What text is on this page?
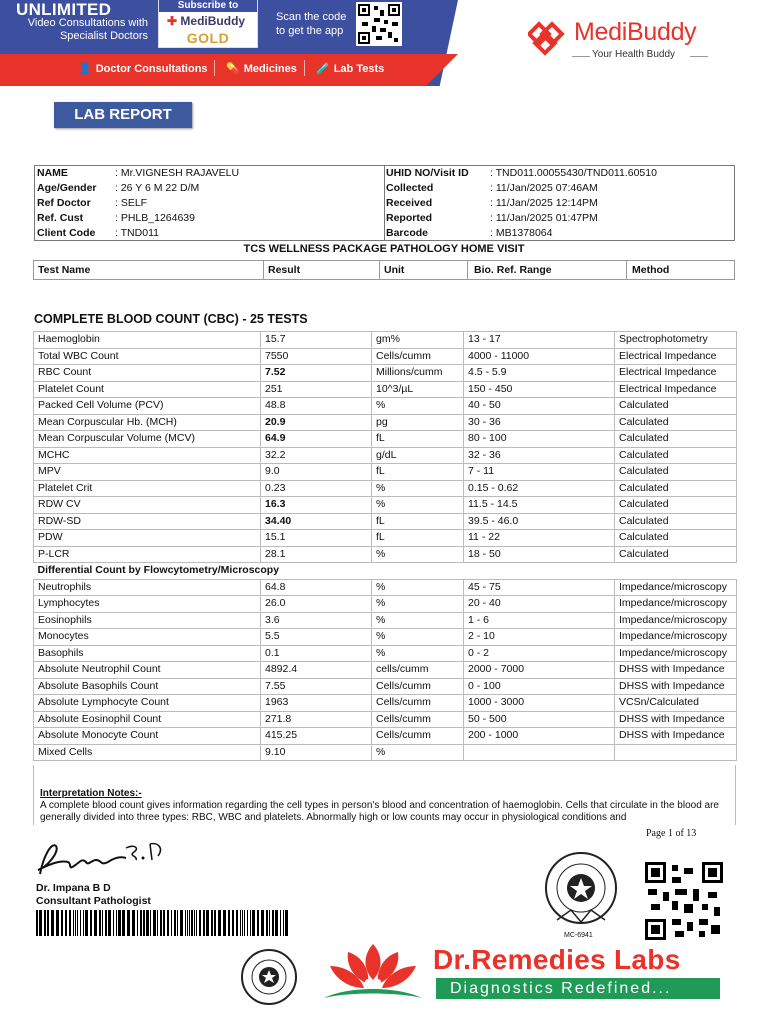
UNLIMITED
Video Consultations with
Specialist Doctors
Subscribe to
✚ MediBuddy
GOLD
Scan the code
to get the app
👤 Doctor Consultations 💊 Medicines 🧪 Lab Tests
MediBuddy
Your Health Buddy
LAB REPORT
NAME	: Mr.VIGNESH RAJAVELU
Age/Gender : 26 Y 6 M 22 D/M
Ref Doctor : SELF
Ref. Cust	: PHLB_1264639
Client Code : TND011
UHID NO/Visit ID : TND011.00055430/TND011.60510
Collected	: 11/Jan/2025 07:46AM
Received	: 11/Jan/2025 12:14PM
Reported	: 11/Jan/2025 01:47PM
Barcode	: MB1378064
TCS WELLNESS PACKAGE PATHOLOGY HOME VISIT
Test Name	Result	Unit	Bio. Ref. Range	Method
COMPLETE BLOOD COUNT (CBC) - 25 TESTS
Haemoglobin	15.7	gm%	13 - 17	Spectrophotometry
Total WBC Count	7550	Cells/cumm	4000 - 11000	Electrical Impedance
RBC Count	7.52	Millions/cumm	4.5 - 5.9	Electrical Impedance
Platelet Count	251	10^3/µL	150 - 450	Electrical Impedance
Packed Cell Volume (PCV)	48.8	%	40 - 50	Calculated
Mean Corpuscular Hb. (MCH)	20.9	pg	30 - 36	Calculated
Mean Corpuscular Volume (MCV)	64.9	fL	80 - 100	Calculated
MCHC	32.2	g/dL	32 - 36	Calculated
MPV	9.0	fL	7 - 11	Calculated
Platelet Crit	0.23	%	0.15 - 0.62	Calculated
RDW CV	16.3	%	11.5 - 14.5	Calculated
RDW-SD	34.40	fL	39.5 - 46.0	Calculated
PDW	15.1	fL	11 - 22	Calculated
P-LCR	28.1	%	18 - 50	Calculated
Differential Count by Flowcytometry/Microscopy				
Neutrophils	64.8	%	45 - 75	Impedance/microscopy
Lymphocytes	26.0	%	20 - 40	Impedance/microscopy
Eosinophils	3.6	%	1 - 6	Impedance/microscopy
Monocytes	5.5	%	2 - 10	Impedance/microscopy
Basophils	0.1	%	0 - 2	Impedance/microscopy
Absolute Neutrophil Count	4892.4	cells/cumm	2000 - 7000	DHSS with Impedance
Absolute Basophils Count	7.55	Cells/cumm	0 - 100	DHSS with Impedance
Absolute Lymphocyte Count	1963	Cells/cumm	1000 - 3000	VCSn/Calculated
Absolute Eosinophil Count	271.8	Cells/cumm	50 - 500	DHSS with Impedance
Absolute Monocyte Count	415.25	Cells/cumm	200 - 1000	DHSS with Impedance
Mixed Cells	9.10	%		
Interpretation Notes:-
A complete blood count gives information regarding the cell types in person's blood and concentration of haemoglobin. Cells that circulate in the blood are generally divided into three types: RBC, WBC and platelets. Abnormally high or low counts may occur in physiological conditions and
Page 1 of 13
Dr. Impana B D
Consultant Pathologist
MC-6941
Dr.Remedies Labs
Diagnostics Redefined...
